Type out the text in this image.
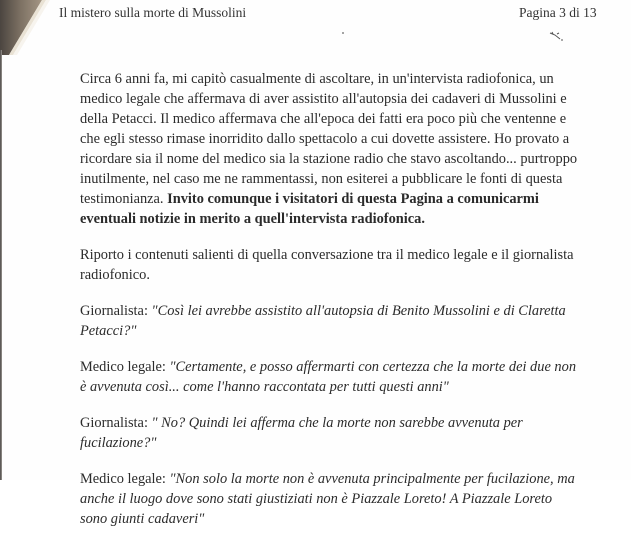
Il mistero sulla morte di Mussolini	Pagina 3 di 13

Circa 6 anni fa, mi capitò casualmente di ascoltare, in un'intervista radiofonica, un medico legale che affermava di aver assistito all'autopsia dei cadaveri di Mussolini e della Petacci. Il medico affermava che all'epoca dei fatti era poco più che ventenne e che egli stesso rimase inorridito dallo spettacolo a cui dovette assistere. Ho provato a ricordare sia il nome del medico sia la stazione radio che stavo ascoltando... purtroppo inutilmente, nel caso me ne rammentassi, non esiterei a pubblicare le fonti di questa testimonianza. Invito comunque i visitatori di questa Pagina a comunicarmi eventuali notizie in merito a quell'intervista radiofonica.

Riporto i contenuti salienti di quella conversazione tra il medico legale e il giornalista radiofonico.

Giornalista: "Così lei avrebbe assistito all'autopsia di Benito Mussolini e di Claretta Petacci?"

Medico legale: "Certamente, e posso affermarti con certezza che la morte dei due non è avvenuta così... come l'hanno raccontata per tutti questi anni"

Giornalista: " No? Quindi lei afferma che la morte non sarebbe avvenuta per fucilazione?"

Medico legale: "Non solo la morte non è avvenuta principalmente per fucilazione, ma anche il luogo dove sono stati giustiziati non è Piazzale Loreto! A Piazzale Loreto sono giunti cadaveri"
